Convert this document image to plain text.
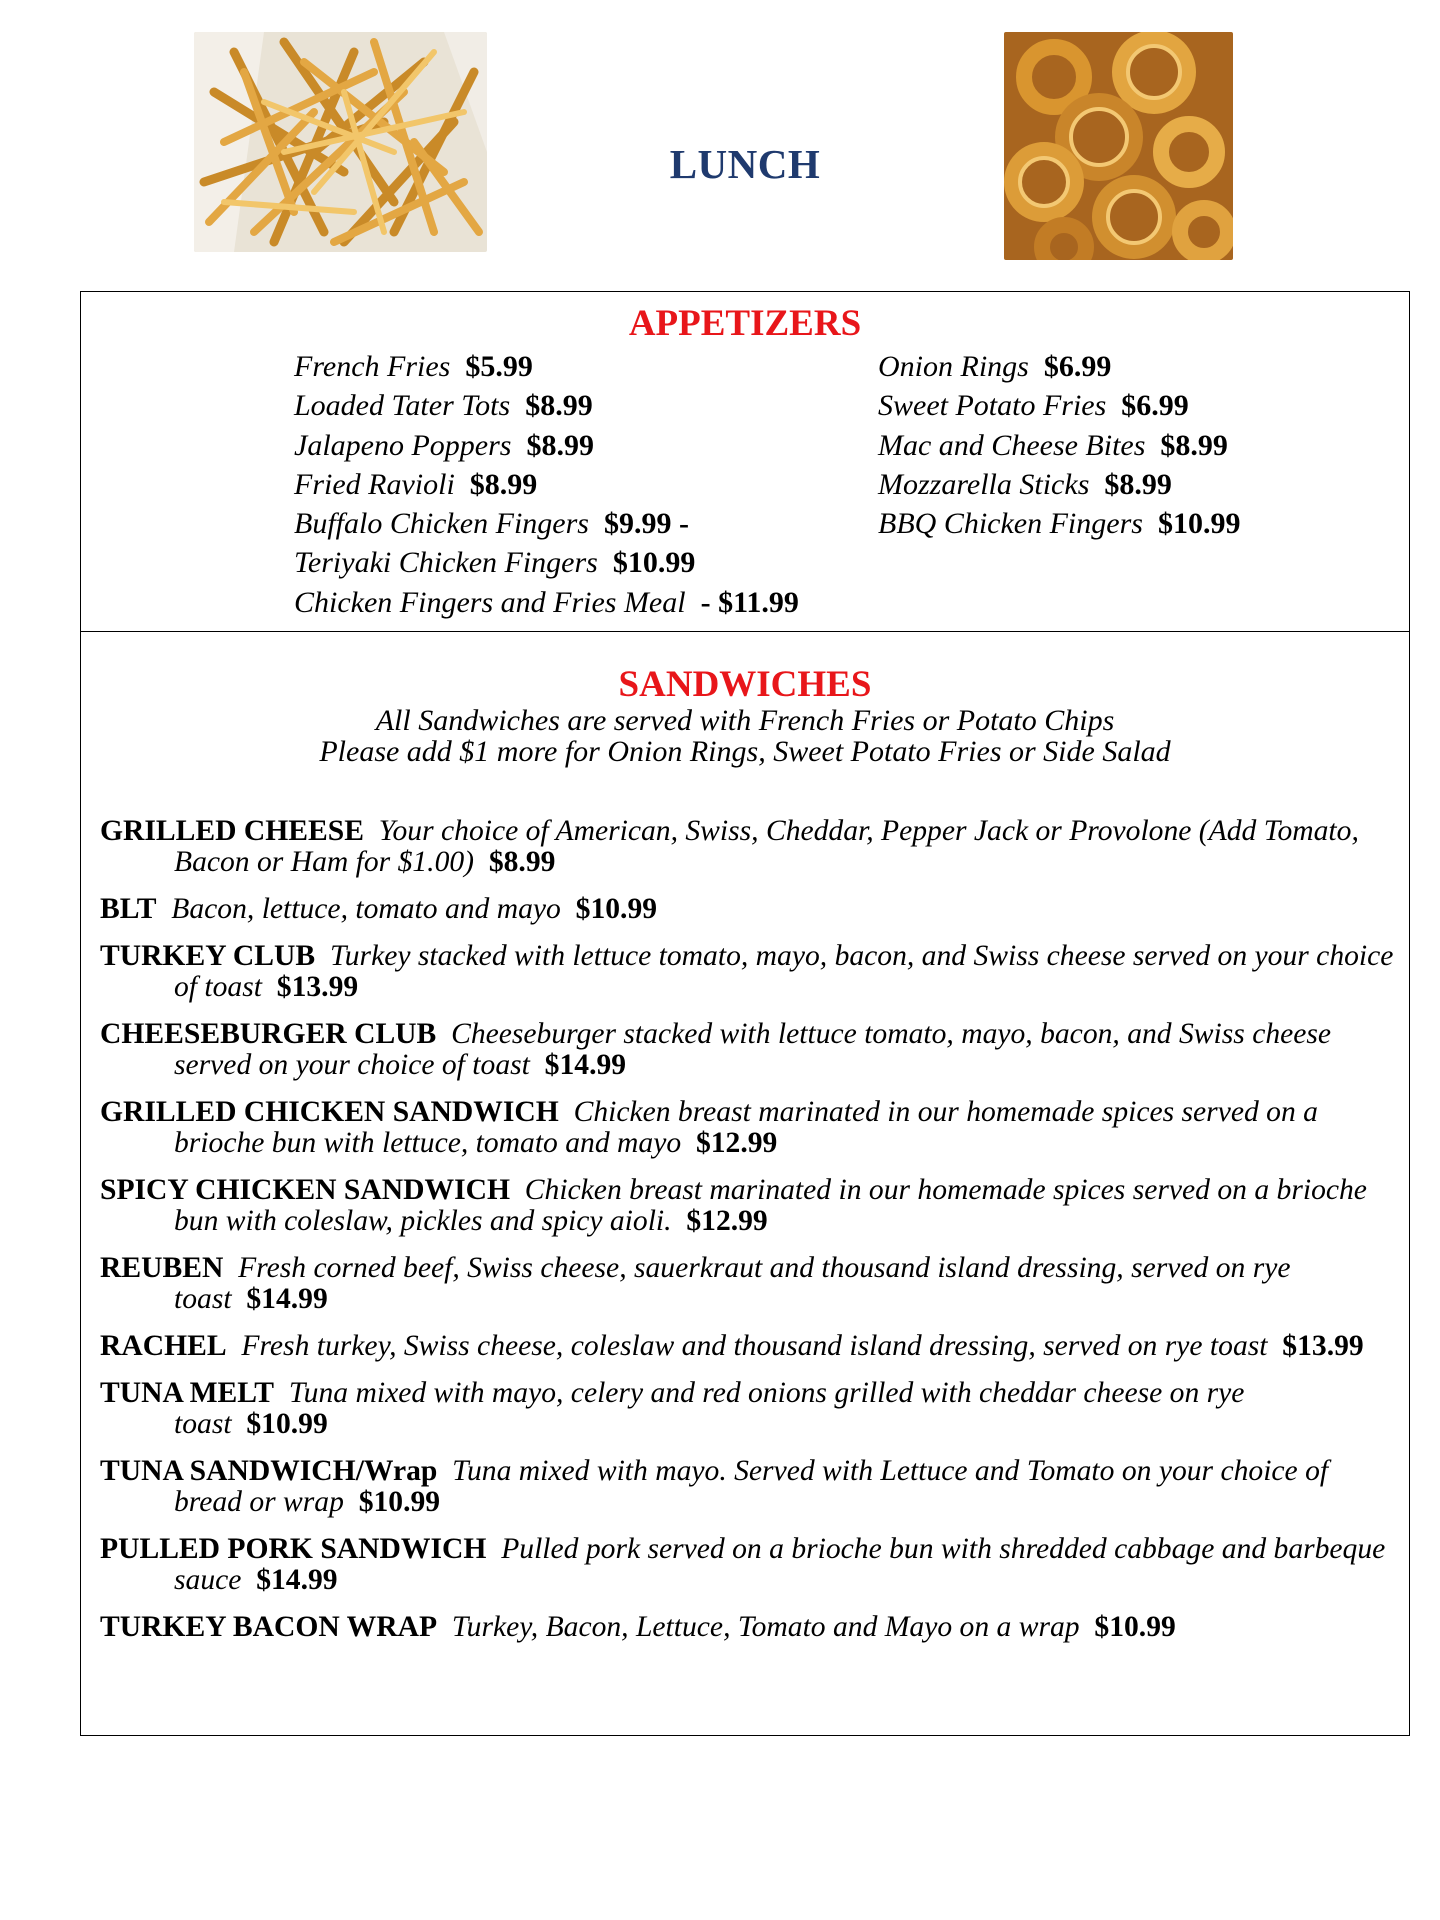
LUNCH
APPETIZERS
French Fries $5.99
Loaded Tater Tots $8.99
Jalapeno Poppers $8.99
Fried Ravioli $8.99
Buffalo Chicken Fingers $9.99 -
Teriyaki Chicken Fingers $10.99
Chicken Fingers and Fries Meal - $11.99
Onion Rings $6.99
Sweet Potato Fries $6.99
Mac and Cheese Bites $8.99
Mozzarella Sticks $8.99
BBQ Chicken Fingers $10.99
SANDWICHES
All Sandwiches are served with French Fries or Potato Chips
Please add $1 more for Onion Rings, Sweet Potato Fries or Side Salad
GRILLED CHEESE Your choice of American, Swiss, Cheddar, Pepper Jack or Provolone (Add Tomato, Bacon or Ham for $1.00) $8.99
BLT Bacon, lettuce, tomato and mayo $10.99
TURKEY CLUB Turkey stacked with lettuce tomato, mayo, bacon, and Swiss cheese served on your choice of toast $13.99
CHEESEBURGER CLUB Cheeseburger stacked with lettuce tomato, mayo, bacon, and Swiss cheese served on your choice of toast $14.99
GRILLED CHICKEN SANDWICH Chicken breast marinated in our homemade spices served on a brioche bun with lettuce, tomato and mayo $12.99
SPICY CHICKEN SANDWICH Chicken breast marinated in our homemade spices served on a brioche bun with coleslaw, pickles and spicy aioli. $12.99
REUBEN Fresh corned beef, Swiss cheese, sauerkraut and thousand island dressing, served on rye toast $14.99
RACHEL Fresh turkey, Swiss cheese, coleslaw and thousand island dressing, served on rye toast $13.99
TUNA MELT Tuna mixed with mayo, celery and red onions grilled with cheddar cheese on rye toast $10.99
TUNA SANDWICH/Wrap Tuna mixed with mayo. Served with Lettuce and Tomato on your choice of bread or wrap $10.99
PULLED PORK SANDWICH Pulled pork served on a brioche bun with shredded cabbage and barbeque sauce $14.99
TURKEY BACON WRAP Turkey, Bacon, Lettuce, Tomato and Mayo on a wrap $10.99
